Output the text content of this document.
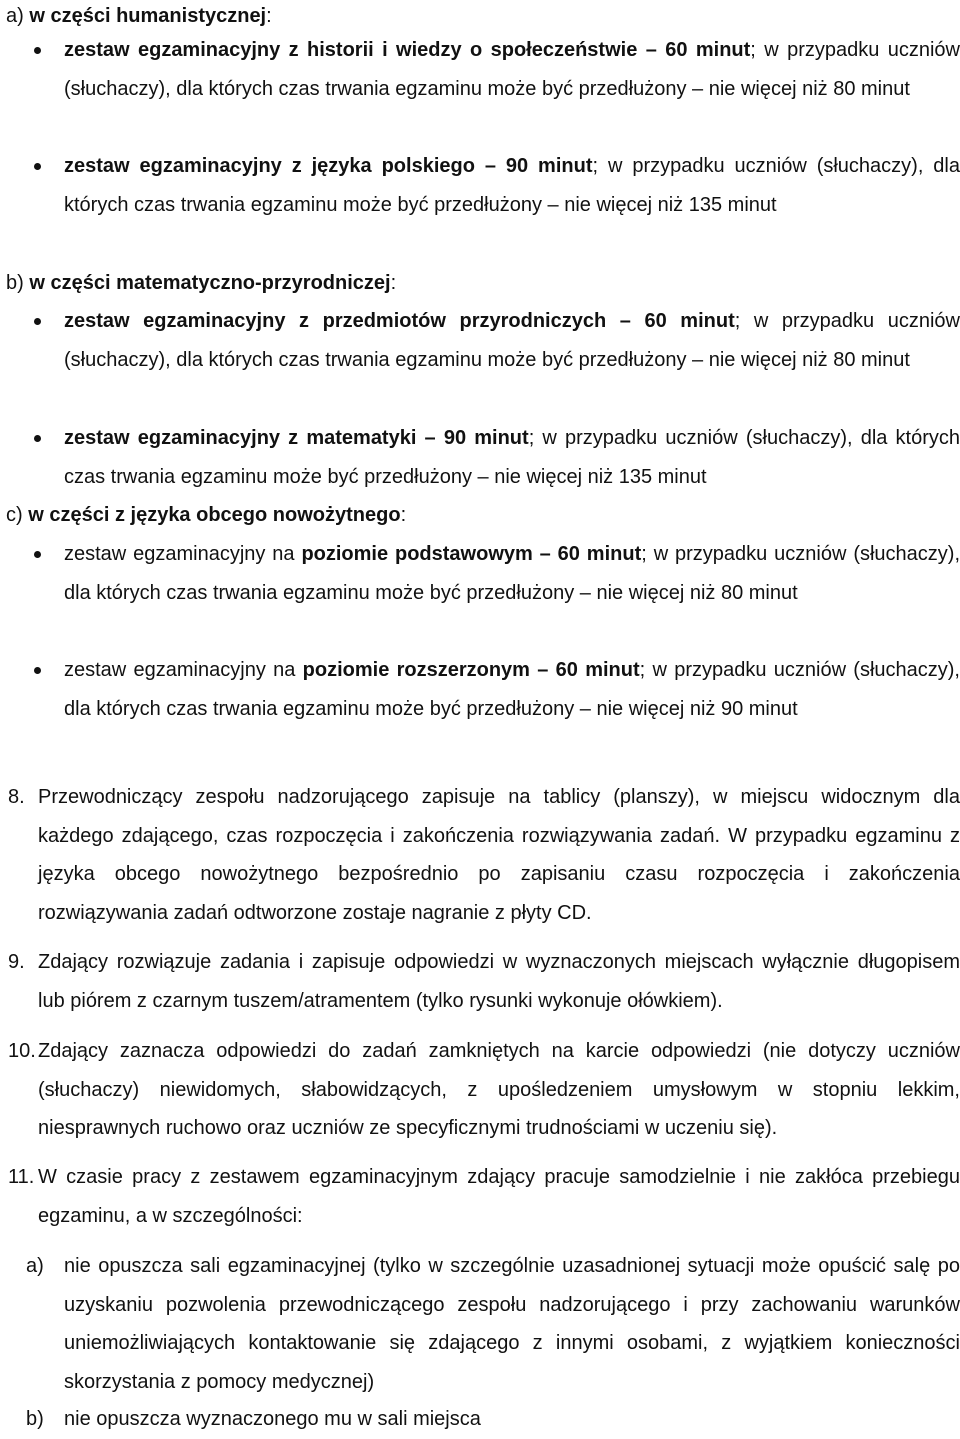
a) w części humanistycznej:
zestaw egzaminacyjny z historii i wiedzy o społeczeństwie – 60 minut; w przypadku uczniów (słuchaczy), dla których czas trwania egzaminu może być przedłużony – nie więcej niż 80 minut
zestaw egzaminacyjny z języka polskiego – 90 minut; w przypadku uczniów (słuchaczy), dla których czas trwania egzaminu może być przedłużony – nie więcej niż 135 minut
b) w części matematyczno-przyrodniczej:
zestaw egzaminacyjny z przedmiotów przyrodniczych – 60 minut; w przypadku uczniów (słuchaczy), dla których czas trwania egzaminu może być przedłużony – nie więcej niż 80 minut
zestaw egzaminacyjny z matematyki – 90 minut; w przypadku uczniów (słuchaczy), dla których czas trwania egzaminu może być przedłużony – nie więcej niż 135 minut
c) w części z języka obcego nowożytnego:
zestaw egzaminacyjny na poziomie podstawowym – 60 minut; w przypadku uczniów (słuchaczy), dla których czas trwania egzaminu może być przedłużony – nie więcej niż 80 minut
zestaw egzaminacyjny na poziomie rozszerzonym – 60 minut; w przypadku uczniów (słuchaczy), dla których czas trwania egzaminu może być przedłużony – nie więcej niż 90 minut
8. Przewodniczący zespołu nadzorującego zapisuje na tablicy (planszy), w miejscu widocznym dla każdego zdającego, czas rozpoczęcia i zakończenia rozwiązywania zadań. W przypadku egzaminu z języka obcego nowożytnego bezpośrednio po zapisaniu czasu rozpoczęcia i zakończenia rozwiązywania zadań odtworzone zostaje nagranie z płyty CD.
9. Zdający rozwiązuje zadania i zapisuje odpowiedzi w wyznaczonych miejscach wyłącznie długopisem lub piórem z czarnym tuszem/atramentem (tylko rysunki wykonuje ołówkiem).
10. Zdający zaznacza odpowiedzi do zadań zamkniętych na karcie odpowiedzi (nie dotyczy uczniów (słuchaczy) niewidomych, słabowidzących, z upośledzeniem umysłowym w stopniu lekkim, niesprawnych ruchowo oraz uczniów ze specyficznymi trudnościami w uczeniu się).
11. W czasie pracy z zestawem egzaminacyjnym zdający pracuje samodzielnie i nie zakłóca przebiegu egzaminu, a w szczególności:
a) nie opuszcza sali egzaminacyjnej (tylko w szczególnie uzasadnionej sytuacji może opuścić salę po uzyskaniu pozwolenia przewodniczącego zespołu nadzorującego i przy zachowaniu warunków uniemożliwiających kontaktowanie się zdającego z innymi osobami, z wyjątkiem konieczności skorzystania z pomocy medycznej)
b) nie opuszcza wyznaczonego mu w sali miejsca
